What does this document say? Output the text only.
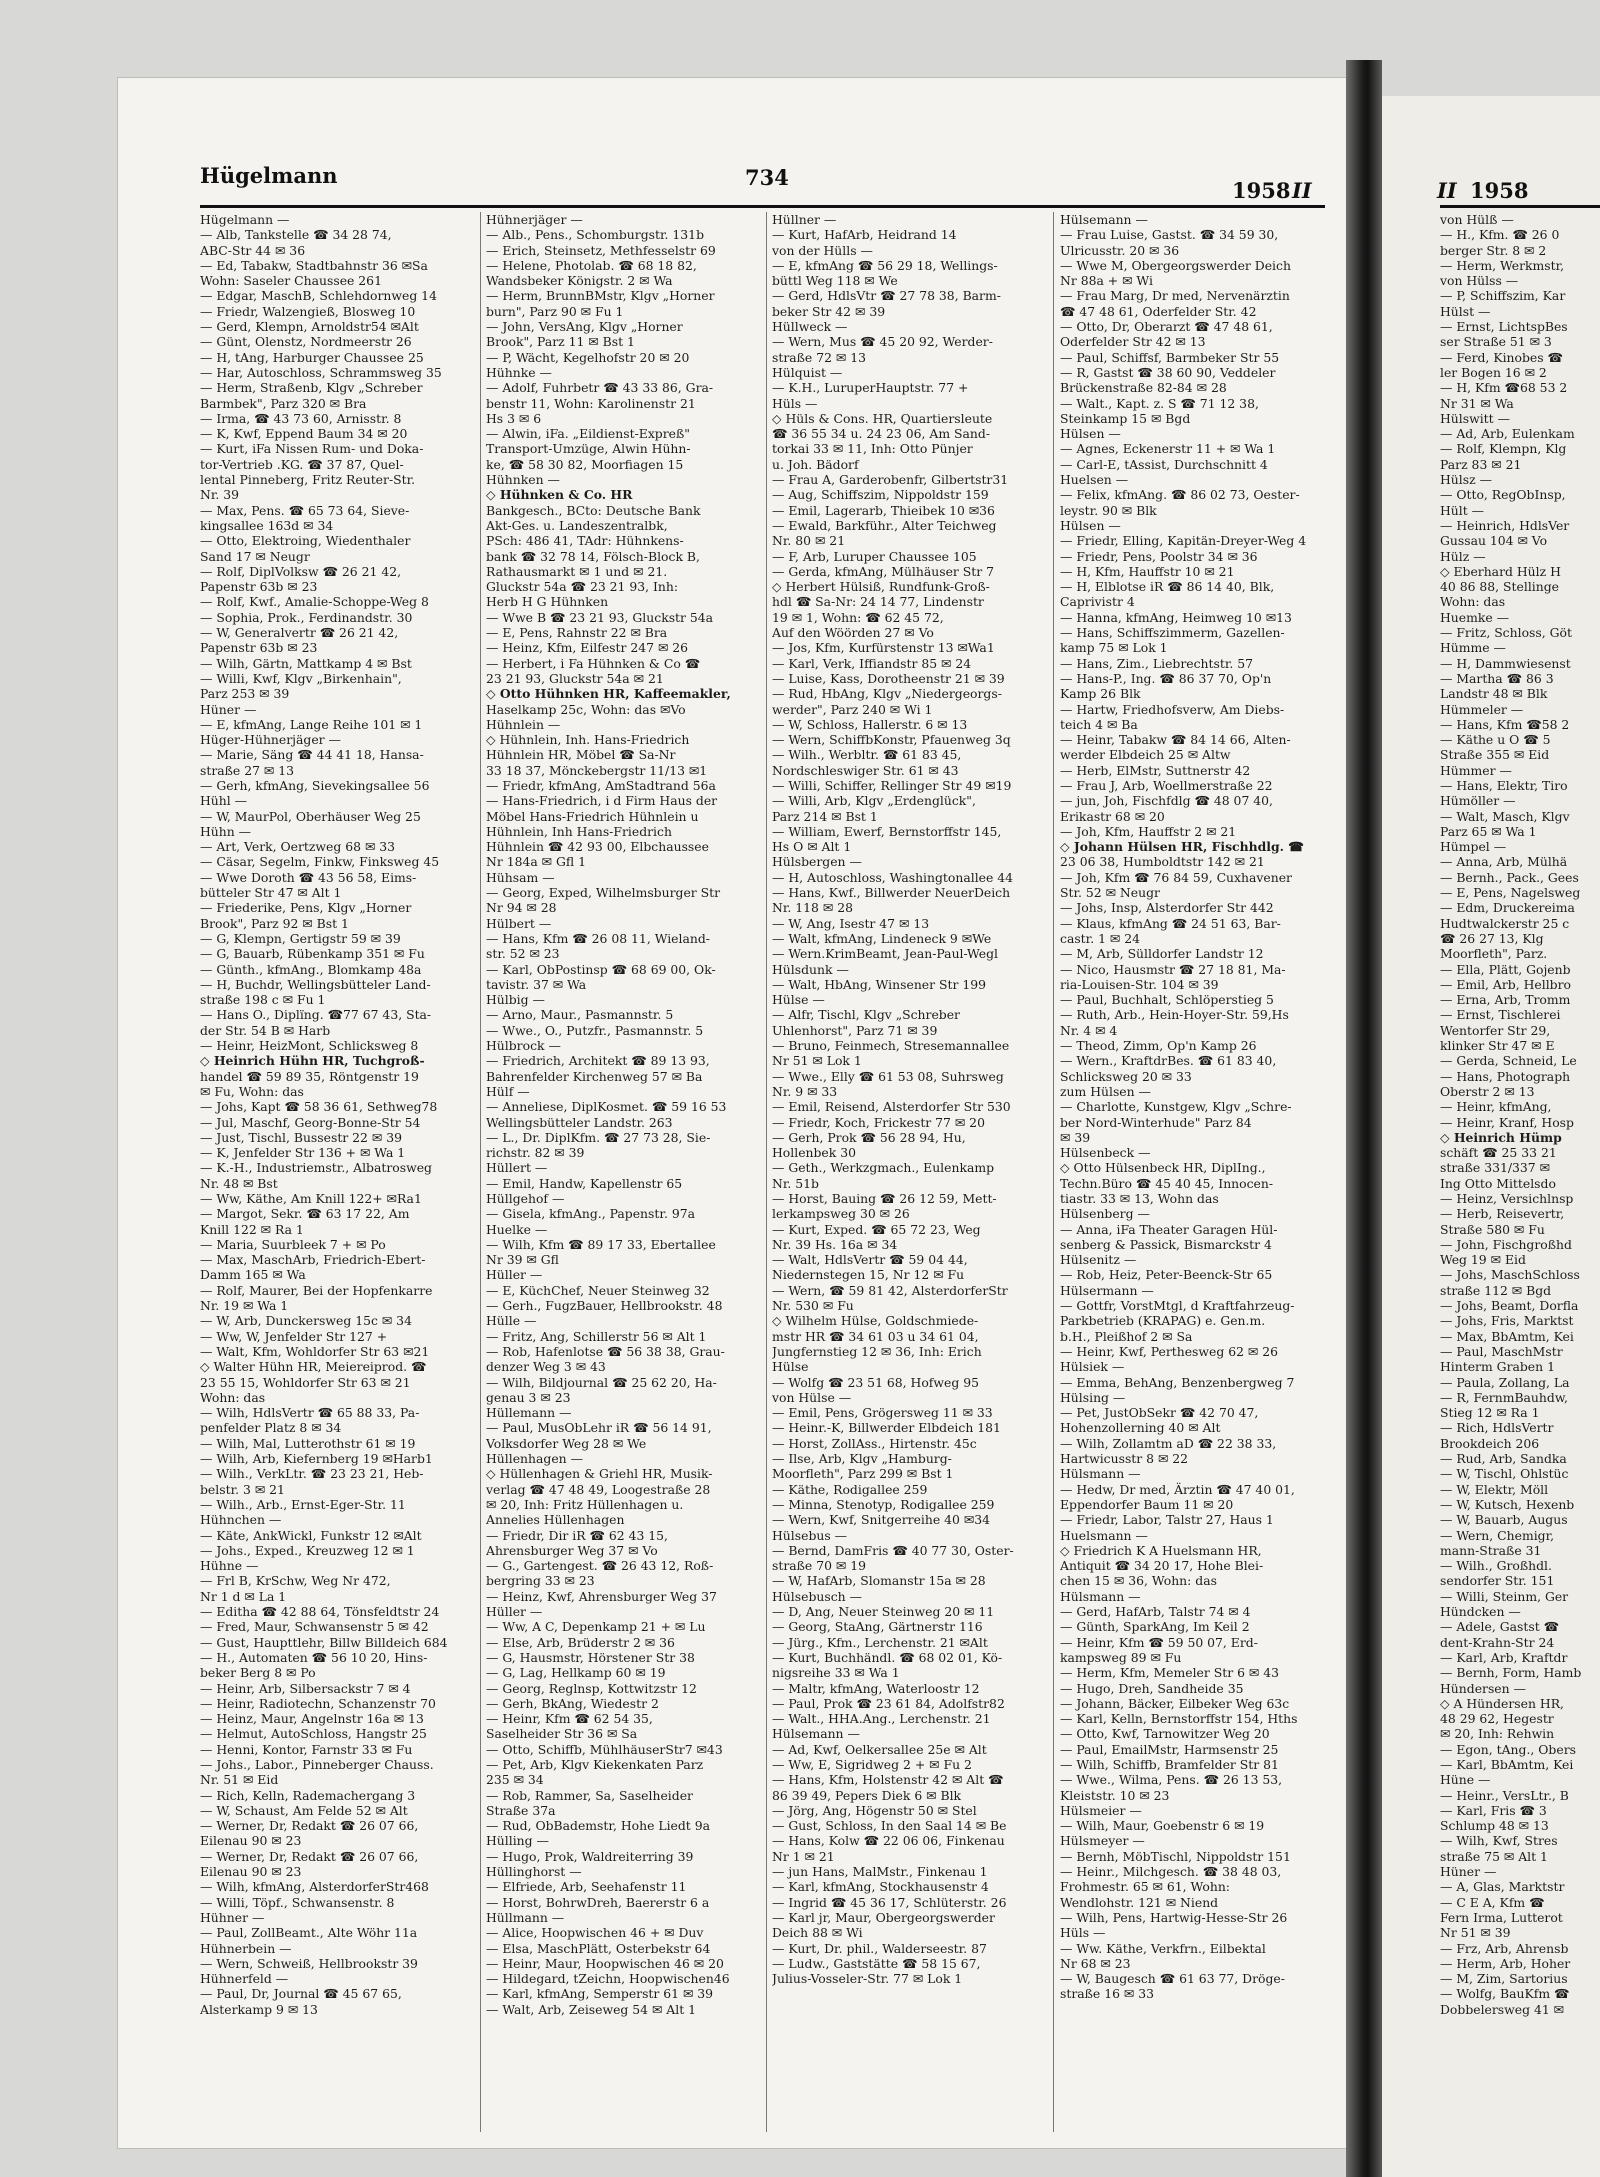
Hügelmann	734
1958 II	II 1958
Hügelmann —
— Alb, Tankstelle ☎ 34 28 74,
ABC-Str 44 ✉ 36
— Ed, Tabakw, Stadtbahnstr 36 ✉Sa
Wohn: Saseler Chaussee 261
— Edgar, MaschB, Schlehdornweg 14
— Friedr, Walzengieß, Blosweg 10
— Gerd, Klempn, Arnoldstr54 ✉Alt
— Günt, Olenstz, Nordmeerstr 26
— H, tAng, Harburger Chaussee 25
— Har, Autoschloss, Schrammsweg 35
— Herm, Straßenb, Klgv „Schreber
Barmbek", Parz 320 ✉ Bra
— Irma, ☎ 43 73 60, Arnisstr. 8
— K, Kwf, Eppend Baum 34 ✉ 20
— Kurt, iFa Nissen Rum- und Doka-
tor-Vertrieb .KG. ☎ 37 87, Quel-
lental Pinneberg, Fritz Reuter-Str.
Nr. 39
— Max, Pens. ☎ 65 73 64, Sieve-
kingsallee 163d ✉ 34
— Otto, Elektroing, Wiedenthaler
Sand 17 ✉ Neugr
— Rolf, DiplVolksw ☎ 26 21 42,
Papenstr 63b ✉ 23
— Rolf, Kwf., Amalie-Schoppe-Weg 8
— Sophia, Prok., Ferdinandstr. 30
— W, Generalvertr ☎ 26 21 42,
Papenstr 63b ✉ 23
— Wilh, Gärtn, Mattkamp 4 ✉ Bst
— Willi, Kwf, Klgv „Birkenhain",
Parz 253 ✉ 39
Hüner —
— E, kfmAng, Lange Reihe 101 ✉ 1
Hüger-Hühnerjäger —
— Marie, Säng ☎ 44 41 18, Hansa-
straße 27 ✉ 13
— Gerh, kfmAng, Sievekingsallee 56
Hühl —
— W, MaurPol, Oberhäuser Weg 25
Hühn —
— Art, Verk, Oertzweg 68 ✉ 33
— Cäsar, Segelm, Finkw, Finksweg 45
— Wwe Doroth ☎ 43 56 58, Eims-
bütteler Str 47 ✉ Alt 1
— Friederike, Pens, Klgv „Horner
Brook", Parz 92 ✉ Bst 1
— G, Klempn, Gertigstr 59 ✉ 39
— G, Bauarb, Rübenkamp 351 ✉ Fu
— Günth., kfmAng., Blomkamp 48a
— H, Buchdr, Wellingsbütteler Land-
straße 198 c ✉ Fu 1
— Hans O., Diplïng. ☎77 67 43, Sta-
der Str. 54 B ✉ Harb
— Heinr, HeizMont, Schlicksweg 8
◇ Heinrich Hühn HR, Tuchgroß-
handel ☎ 59 89 35, Röntgenstr 19
✉ Fu, Wohn: das
— Johs, Kapt ☎ 58 36 61, Sethweg78
— Jul, Maschf, Georg-Bonne-Str 54
— Just, Tischl, Bussestr 22 ✉ 39
— K, Jenfelder Str 136 + ✉ Wa 1
— K.-H., Industriemstr., Albatrosweg
Nr. 48 ✉ Bst
— Ww, Käthe, Am Knill 122+ ✉Ra1
— Margot, Sekr. ☎ 63 17 22, Am
Knill 122 ✉ Ra 1
— Maria, Suurbleek 7 + ✉ Po
— Max, MaschArb, Friedrich-Ebert-
Damm 165 ✉ Wa
— Rolf, Maurer, Bei der Hopfenkarre
Nr. 19 ✉ Wa 1
— W, Arb, Dunckersweg 15c ✉ 34
— Ww, W, Jenfelder Str 127 +
— Walt, Kfm, Wohldorfer Str 63 ✉21
◇ Walter Hühn HR, Meiereiprod. ☎
23 55 15, Wohldorfer Str 63 ✉ 21
Wohn: das
— Wilh, HdlsVertr ☎ 65 88 33, Pa-
penfelder Platz 8 ✉ 34
— Wilh, Mal, Lutterothstr 61 ✉ 19
— Wilh, Arb, Kiefernberg 19 ✉Harb1
— Wilh., VerkLtr. ☎ 23 23 21, Heb-
belstr. 3 ✉ 21
— Wilh., Arb., Ernst-Eger-Str. 11
Hühnchen —
— Käte, AnkWickl, Funkstr 12 ✉Alt
— Johs., Exped., Kreuzweg 12 ✉ 1
Hühne —
— Frl B, KrSchw, Weg Nr 472,
Nr 1 d ✉ La 1
— Editha ☎ 42 88 64, Tönsfeldtstr 24
— Fred, Maur, Schwansenstr 5 ✉ 42
— Gust, Haupttlehr, Billw Billdeich 684
— H., Automaten ☎ 56 10 20, Hins-
beker Berg 8 ✉ Po
— Heinr, Arb, Silbersackstr 7 ✉ 4
— Heinr, Radiotechn, Schanzenstr 70
— Heinz, Maur, Angelnstr 16a ✉ 13
— Helmut, AutoSchloss, Hangstr 25
— Henni, Kontor, Farnstr 33 ✉ Fu
— Johs., Labor., Pinneberger Chauss.
Nr. 51 ✉ Eid
— Rich, Kelln, Rademachergang 3
— W, Schaust, Am Felde 52 ✉ Alt
— Werner, Dr, Redakt ☎ 26 07 66,
Eilenau 90 ✉ 23
— Werner, Dr, Redakt ☎ 26 07 66,
Eilenau 90 ✉ 23
— Wilh, kfmAng, AlsterdorferStr468
— Willi, Töpf., Schwansenstr. 8
Hühner —
— Paul, ZollBeamt., Alte Wöhr 11a
Hühnerbein —
— Wern, Schweiß, Hellbrookstr 39
Hühnerfeld —
— Paul, Dr, Journal ☎ 45 67 65,
Alsterkamp 9 ✉ 13
Hühnerjäger —
— Alb., Pens., Schomburgstr. 131b
— Erich, Steinsetz, Methfesselstr 69
— Helene, Photolab. ☎ 68 18 82,
Wandsbeker Königstr. 2 ✉ Wa
— Herm, BrunnBMstr, Klgv „Horner
burn", Parz 90 ✉ Fu 1
— John, VersAng, Klgv „Horner
Brook", Parz 11 ✉ Bst 1
— P, Wächt, Kegelhofstr 20 ✉ 20
Hühnke —
— Adolf, Fuhrbetr ☎ 43 33 86, Gra-
benstr 11, Wohn: Karolinenstr 21
Hs 3 ✉ 6
— Alwin, iFa. „Eildienst-Expreß"
Transport-Umzüge, Alwin Hühn-
ke, ☎ 58 30 82, Moorfiagen 15
Hühnken —
◇ Hühnken & Co. HR
Bankgesch., BCto: Deutsche Bank
Akt-Ges. u. Landeszentralbk,
PSch: 486 41, TAdr: Hühnkens-
bank ☎ 32 78 14, Fölsch-Block B,
Rathausmarkt ✉ 1 und ✉ 21.
Gluckstr 54a ☎ 23 21 93, Inh:
Herb H G Hühnken
— Wwe B ☎ 23 21 93, Gluckstr 54a
— E, Pens, Rahnstr 22 ✉ Bra
— Heinz, Kfm, Eilfestr 247 ✉ 26
— Herbert, i Fa Hühnken & Co ☎
23 21 93, Gluckstr 54a ✉ 21
◇ Otto Hühnken HR, Kaffeemakler,
Haselkamp 25c, Wohn: das ✉Vo
Hühnlein —
◇ Hühnlein, Inh. Hans-Friedrich
Hühnlein HR, Möbel ☎ Sa-Nr
33 18 37, Mönckebergstr 11/13 ✉1
— Friedr, kfmAng, AmStadtrand 56a
— Hans-Friedrich, i d Firm Haus der
Möbel Hans-Friedrich Hühnlein u
Hühnlein, Inh Hans-Friedrich
Hühnlein ☎ 42 93 00, Elbchaussee
Nr 184a ✉ Gfl 1
Hühsam —
— Georg, Exped, Wilhelmsburger Str
Nr 94 ✉ 28
Hülbert —
— Hans, Kfm ☎ 26 08 11, Wieland-
str. 52 ✉ 23
— Karl, ObPostinsp ☎ 68 69 00, Ok-
tavistr. 37 ✉ Wa
Hülbig —
— Arno, Maur., Pasmannstr. 5
— Wwe., O., Putzfr., Pasmannstr. 5
Hülbrock —
— Friedrich, Architekt ☎ 89 13 93,
Bahrenfelder Kirchenweg 57 ✉ Ba
Hülf —
— Anneliese, DiplKosmet. ☎ 59 16 53
Wellingsbütteler Landstr. 263
— L., Dr. DiplKfm. ☎ 27 73 28, Sie-
richstr. 82 ✉ 39
Hüllert —
— Emil, Handw, Kapellenstr 65
Hüllgehof —
— Gisela, kfmAng., Papenstr. 97a
Huelke —
— Wilh, Kfm ☎ 89 17 33, Ebertallee
Nr 39 ✉ Gfl
Hüller —
— E, KüchChef, Neuer Steinweg 32
— Gerh., FugzBauer, Hellbrookstr. 48
Hülle —
— Fritz, Ang, Schillerstr 56 ✉ Alt 1
— Rob, Hafenlotse ☎ 56 38 38, Grau-
denzer Weg 3 ✉ 43
— Wilh, Bildjournal ☎ 25 62 20, Ha-
genau 3 ✉ 23
Hüllemann —
— Paul, MusObLehr iR ☎ 56 14 91,
Volksdorfer Weg 28 ✉ We
Hüllenhagen —
◇ Hüllenhagen & Griehl HR, Musik-
verlag ☎ 47 48 49, Loogestraße 28
✉ 20, Inh: Fritz Hüllenhagen u.
Annelies Hüllenhagen
— Friedr, Dir iR ☎ 62 43 15,
Ahrensburger Weg 37 ✉ Vo
— G., Gartengest. ☎ 26 43 12, Roß-
bergring 33 ✉ 23
— Heinz, Kwf, Ahrensburger Weg 37
Hüller —
— Ww, A C, Depenkamp 21 + ✉ Lu
— Else, Arb, Brüderstr 2 ✉ 36
— G, Hausmstr, Hörstener Str 38
— G, Lag, Hellkamp 60 ✉ 19
— Georg, Reglnsp, Kottwitzstr 12
— Gerh, BkAng, Wiedestr 2
— Heinr, Kfm ☎ 62 54 35,
Saselheider Str 36 ✉ Sa
— Otto, Schiffb, MühlhäuserStr7 ✉43
— Pet, Arb, Klgv Kiekenkaten Parz
235 ✉ 34
— Rob, Rammer, Sa, Saselheider
Straße 37a
— Rud, ObBademstr, Hohe Liedt 9a
Hülling —
— Hugo, Prok, Waldreiterring 39
Hüllinghorst —
— Elfriede, Arb, Seehafenstr 11
— Horst, BohrwDreh, Baererstr 6 a
Hüllmann —
— Alice, Hoopwischen 46 + ✉ Duv
— Elsa, MaschPlätt, Osterbekstr 64
— Heinr, Maur, Hoopwischen 46 ✉ 20
— Hildegard, tZeichn, Hoopwischen46
— Karl, kfmAng, Semperstr 61 ✉ 39
— Walt, Arb, Zeiseweg 54 ✉ Alt 1
Hüllner —
— Kurt, HafArb, Heidrand 14
von der Hülls —
— E, kfmAng ☎ 56 29 18, Wellings-
büttl Weg 118 ✉ We
— Gerd, HdlsVtr ☎ 27 78 38, Barm-
beker Str 42 ✉ 39
Hüllweck —
— Wern, Mus ☎ 45 20 92, Werder-
straße 72 ✉ 13
Hülquist —
— K.H., LuruperHauptstr. 77 +
Hüls —
◇ Hüls & Cons. HR, Quartiersleute
☎ 36 55 34 u. 24 23 06, Am Sand-
torkai 33 ✉ 11, Inh: Otto Pünjer
u. Joh. Bädorf
— Frau A, Garderobenfr, Gilbertstr31
— Aug, Schiffszim, Nippoldstr 159
— Emil, Lagerarb, Thieibek 10 ✉36
— Ewald, Barkführ., Alter Teichweg
Nr. 80 ✉ 21
— F, Arb, Luruper Chaussee 105
— Gerda, kfmAng, Mülhäuser Str 7
◇ Herbert Hülsiß, Rundfunk-Groß-
hdl ☎ Sa-Nr: 24 14 77, Lindenstr
19 ✉ 1, Wohn: ☎ 62 45 72,
Auf den Wöörden 27 ✉ Vo
— Jos, Kfm, Kurfürstenstr 13 ✉Wa1
— Karl, Verk, Iffiandstr 85 ✉ 24
— Luise, Kass, Dorotheenstr 21 ✉ 39
— Rud, HbAng, Klgv „Niedergeorgs-
werder", Parz 240 ✉ Wi 1
— W, Schloss, Hallerstr. 6 ✉ 13
— Wern, SchiffbKonstr, Pfauenweg 3q
— Wilh., Werbltr. ☎ 61 83 45,
Nordschleswiger Str. 61 ✉ 43
— Willi, Schiffer, Rellinger Str 49 ✉19
— Willi, Arb, Klgv „Erdenglück",
Parz 214 ✉ Bst 1
— William, Ewerf, Bernstorffstr 145,
Hs O ✉ Alt 1
Hülsbergen —
— H, Autoschloss, Washingtonallee 44
— Hans, Kwf., Billwerder NeuerDeich
Nr. 118 ✉ 28
— W, Ang, Isestr 47 ✉ 13
— Walt, kfmAng, Lindeneck 9 ✉We
— Wern.KrimBeamt, Jean-Paul-Wegl
Hülsdunk —
— Walt, HbAng, Winsener Str 199
Hülse —
— Alfr, Tischl, Klgv „Schreber
Uhlenhorst", Parz 71 ✉ 39
— Bruno, Feinmech, Stresemannallee
Nr 51 ✉ Lok 1
— Wwe., Elly ☎ 61 53 08, Suhrsweg
Nr. 9 ✉ 33
— Emil, Reisend, Alsterdorfer Str 530
— Friedr, Koch, Frickestr 77 ✉ 20
— Gerh, Prok ☎ 56 28 94, Hu,
Hollenbek 30
— Geth., Werkzgmach., Eulenkamp
Nr. 51b
— Horst, Bauing ☎ 26 12 59, Mett-
lerkampsweg 30 ✉ 26
— Kurt, Exped. ☎ 65 72 23, Weg
Nr. 39 Hs. 16a ✉ 34
— Walt, HdlsVertr ☎ 59 04 44,
Niedernstegen 15, Nr 12 ✉ Fu
— Wern, ☎ 59 81 42, AlsterdorferStr
Nr. 530 ✉ Fu
◇ Wilhelm Hülse, Goldschmiede-
mstr HR ☎ 34 61 03 u 34 61 04,
Jungfernstieg 12 ✉ 36, Inh: Erich
Hülse
— Wolfg ☎ 23 51 68, Hofweg 95
von Hülse —
— Emil, Pens, Grögersweg 11 ✉ 33
— Heinr.-K, Billwerder Elbdeich 181
— Horst, ZollAss., Hirtenstr. 45c
— Ilse, Arb, Klgv „Hamburg-
Moorfleth", Parz 299 ✉ Bst 1
— Käthe, Rodigallee 259
— Minna, Stenotyp, Rodigallee 259
— Wern, Kwf, Snitgerreihe 40 ✉34
Hülsebus —
— Bernd, DamFris ☎ 40 77 30, Oster-
straße 70 ✉ 19
— W, HafArb, Slomanstr 15a ✉ 28
Hülsebusch —
— D, Ang, Neuer Steinweg 20 ✉ 11
— Georg, StaAng, Gärtnerstr 116
— Jürg., Kfm., Lerchenstr. 21 ✉Alt
— Kurt, Buchhändl. ☎ 68 02 01, Kö-
nigsreihe 33 ✉ Wa 1
— Maltr, kfmAng, Waterloostr 12
— Paul, Prok ☎ 23 61 84, Adolfstr82
— Walt., HHA.Ang., Lerchenstr. 21
Hülsemann —
— Ad, Kwf, Oelkersallee 25e ✉ Alt
— Ww, E, Sigridweg 2 + ✉ Fu 2
— Hans, Kfm, Holstenstr 42 ✉ Alt ☎
86 39 49, Pepers Diek 6 ✉ Blk
— Jörg, Ang, Högenstr 50 ✉ Stel
— Gust, Schloss, In den Saal 14 ✉ Be
— Hans, Kolw ☎ 22 06 06, Finkenau
Nr 1 ✉ 21
— jun Hans, MalMstr., Finkenau 1
— Karl, kfmAng, Stockhausenstr 4
— Ingrid ☎ 45 36 17, Schlüterstr. 26
— Karl jr, Maur, Obergeorgswerder
Deich 88 ✉ Wi
— Kurt, Dr. phil., Walderseestr. 87
— Ludw., Gaststätte ☎ 58 15 67,
Julius-Vosseler-Str. 77 ✉ Lok 1
Hülsemann —
— Frau Luise, Gastst. ☎ 34 59 30,
Ulricusstr. 20 ✉ 36
— Wwe M, Obergeorgswerder Deich
Nr 88a + ✉ Wi
— Frau Marg, Dr med, Nervenärztin
☎ 47 48 61, Oderfelder Str. 42
— Otto, Dr, Oberarzt ☎ 47 48 61,
Oderfelder Str 42 ✉ 13
— Paul, Schiffsf, Barmbeker Str 55
— R, Gastst ☎ 38 60 90, Veddeler
Brückenstraße 82-84 ✉ 28
— Walt., Kapt. z. S ☎ 71 12 38,
Steinkamp 15 ✉ Bgd
Hülsen —
— Agnes, Eckenerstr 11 + ✉ Wa 1
— Carl-E, tAssist, Durchschnitt 4
Huelsen —
— Felix, kfmAng. ☎ 86 02 73, Oester-
leystr. 90 ✉ Blk
Hülsen —
— Friedr, Elling, Kapitän-Dreyer-Weg 4
— Friedr, Pens, Poolstr 34 ✉ 36
— H, Kfm, Hauffstr 10 ✉ 21
— H, Elblotse iR ☎ 86 14 40, Blk,
Caprivistr 4
— Hanna, kfmAng, Heimweg 10 ✉13
— Hans, Schiffszimmerm, Gazellen-
kamp 75 ✉ Lok 1
— Hans, Zim., Liebrechtstr. 57
— Hans-P., Ing. ☎ 86 37 70, Op'n
Kamp 26 Blk
— Hartw, Friedhofsverw, Am Diebs-
teich 4 ✉ Ba
— Heinr, Tabakw ☎ 84 14 66, Alten-
werder Elbdeich 25 ✉ Altw
— Herb, ElMstr, Suttnerstr 42
— Frau J, Arb, Woellmerstraße 22
— jun, Joh, Fischfdlg ☎ 48 07 40,
Erikastr 68 ✉ 20
— Joh, Kfm, Hauffstr 2 ✉ 21
◇ Johann Hülsen HR, Fischhdlg. ☎
23 06 38, Humboldtstr 142 ✉ 21
— Joh, Kfm ☎ 76 84 59, Cuxhavener
Str. 52 ✉ Neugr
— Johs, Insp, Alsterdorfer Str 442
— Klaus, kfmAng ☎ 24 51 63, Bar-
castr. 1 ✉ 24
— M, Arb, Sülldorfer Landstr 12
— Nico, Hausmstr ☎ 27 18 81, Ma-
ria-Louisen-Str. 104 ✉ 39
— Paul, Buchhalt, Schlöperstieg 5
— Ruth, Arb., Hein-Hoyer-Str. 59,Hs
Nr. 4 ✉ 4
— Theod, Zimm, Op'n Kamp 26
— Wern., KraftdrBes. ☎ 61 83 40,
Schlicksweg 20 ✉ 33
zum Hülsen —
— Charlotte, Kunstgew, Klgv „Schre-
ber Nord-Winterhude" Parz 84
✉ 39
Hülsenbeck —
◇ Otto Hülsenbeck HR, DiplIng.,
Techn.Büro ☎ 45 40 45, Innocen-
tiastr. 33 ✉ 13, Wohn das
Hülsenberg —
— Anna, iFa Theater Garagen Hül-
senberg & Passick, Bismarckstr 4
Hülsenitz —
— Rob, Heiz, Peter-Beenck-Str 65
Hülsermann —
— Gottfr, VorstMtgl, d Kraftfahrzeug-
Parkbetrieb (KRAPAG) e. Gen.m.
b.H., Pleißhof 2 ✉ Sa
— Heinr, Kwf, Perthesweg 62 ✉ 26
Hülsiek —
— Emma, BehAng, Benzenbergweg 7
Hülsing —
— Pet, JustObSekr ☎ 42 70 47,
Hohenzollerning 40 ✉ Alt
— Wilh, Zollamtm aD ☎ 22 38 33,
Hartwicusstr 8 ✉ 22
Hülsmann —
— Hedw, Dr med, Ärztin ☎ 47 40 01,
Eppendorfer Baum 11 ✉ 20
— Friedr, Labor, Talstr 27, Haus 1
Huelsmann —
◇ Friedrich K A Huelsmann HR,
Antiquit ☎ 34 20 17, Hohe Blei-
chen 15 ✉ 36, Wohn: das
Hülsmann —
— Gerd, HafArb, Talstr 74 ✉ 4
— Günth, SparkAng, Im Keil 2
— Heinr, Kfm ☎ 59 50 07, Erd-
kampsweg 89 ✉ Fu
— Herm, Kfm, Memeler Str 6 ✉ 43
— Hugo, Dreh, Sandheide 35
— Johann, Bäcker, Eilbeker Weg 63c
— Karl, Kelln, Bernstorffstr 154, Hths
— Otto, Kwf, Tarnowitzer Weg 20
— Paul, EmailMstr, Harmsenstr 25
— Wilh, Schiffb, Bramfelder Str 81
— Wwe., Wilma, Pens. ☎ 26 13 53,
Kleiststr. 10 ✉ 23
Hülsmeier —
— Wilh, Maur, Goebenstr 6 ✉ 19
Hülsmeyer —
— Bernh, MöbTischl, Nippoldstr 151
— Heinr., Milchgesch. ☎ 38 48 03,
Frohmestr. 65 ✉ 61, Wohn:
Wendlohstr. 121 ✉ Niend
— Wilh, Pens, Hartwig-Hesse-Str 26
Hüls —
— Ww. Käthe, Verkfrn., Eilbektal
Nr 68 ✉ 23
— W, Baugesch ☎ 61 63 77, Dröge-
straße 16 ✉ 33
von Hülß —
— H., Kfm. ☎ 26 0
berger Str. 8 ✉ 2
— Herm, Werkmstr,
von Hülss —
— P, Schiffszim, Kar
Hülst —
— Ernst, LichtspBes
ser Straße 51 ✉ 3
— Ferd, Kinobes ☎
ler Bogen 16 ✉ 2
— H, Kfm ☎68 53 2
Nr 31 ✉ Wa
Hülswitt —
— Ad, Arb, Eulenkam
— Rolf, Klempn, Klg
Parz 83 ✉ 21
Hülsz —
— Otto, RegObInsp,
Hült —
— Heinrich, HdlsVer
Gussau 104 ✉ Vo
Hülz —
◇ Eberhard Hülz H
40 86 88, Stellinge
Wohn: das
Huemke —
— Fritz, Schloss, Göt
Hümme —
— H, Dammwiesenst
— Martha ☎ 86 3
Landstr 48 ✉ Blk
Hümmeler —
— Hans, Kfm ☎58 2
— Käthe u O ☎ 5
Straße 355 ✉ Eid
Hümmer —
— Hans, Elektr, Tiro
Hümöller —
— Walt, Masch, Klgv
Parz 65 ✉ Wa 1
Hümpel —
— Anna, Arb, Mülhä
— Bernh., Pack., Gees
— E, Pens, Nagelsweg
— Edm, Druckereima
Hudtwalckerstr 25 c
☎ 26 27 13, Klg
Moorfleth", Parz.
— Ella, Plätt, Gojenb
— Emil, Arb, Hellbro
— Erna, Arb, Tromm
— Ernst, Tischlerei
Wentorfer Str 29,
klinker Str 47 ✉ E
— Gerda, Schneid, Le
— Hans, Photograph
Oberstr 2 ✉ 13
— Heinr, kfmAng,
— Heinr, Kranf, Hosp
◇ Heinrich Hümp
schäft ☎ 25 33 21
straße 331/337 ✉
Ing Otto Mittelsdo
— Heinz, Versichlnsp
— Herb, Reisevertr,
Straße 580 ✉ Fu
— John, Fischgroßhd
Weg 19 ✉ Eid
— Johs, MaschSchloss
straße 112 ✉ Bgd
— Johs, Beamt, Dorfla
— Johs, Fris, Marktst
— Max, BbAmtm, Kei
— Paul, MaschMstr
Hinterm Graben 1
— Paula, Zollang, La
— R, FernmBauhdw,
Stieg 12 ✉ Ra 1
— Rich, HdlsVertr
Brookdeich 206
— Rud, Arb, Sandka
— W, Tischl, Ohlstüc
— W, Elektr, Möll
— W, Kutsch, Hexenb
— W, Bauarb, Augus
— Wern, Chemigr,
mann-Straße 31
— Wilh., Großhdl.
sendorfer Str. 151
— Willi, Steinm, Ger
Hündcken —
— Adele, Gastst ☎
dent-Krahn-Str 24
— Karl, Arb, Kraftdr
— Bernh, Form, Hamb
Hündersen —
◇ A Hündersen HR,
48 29 62, Hegestr
✉ 20, Inh: Rehwin
— Egon, tAng., Obers
— Karl, BbAmtm, Kei
Hüne —
— Heinr., VersLtr., B
— Karl, Fris ☎ 3
Schlump 48 ✉ 13
— Wilh, Kwf, Stres
straße 75 ✉ Alt 1
Hüner —
— A, Glas, Marktstr
— C E A, Kfm ☎
Fern Irma, Lutterot
Nr 51 ✉ 39
— Frz, Arb, Ahrensb
— Herm, Arb, Hoher
— M, Zim, Sartorius
— Wolfg, BauKfm ☎
Dobbelersweg 41 ✉
